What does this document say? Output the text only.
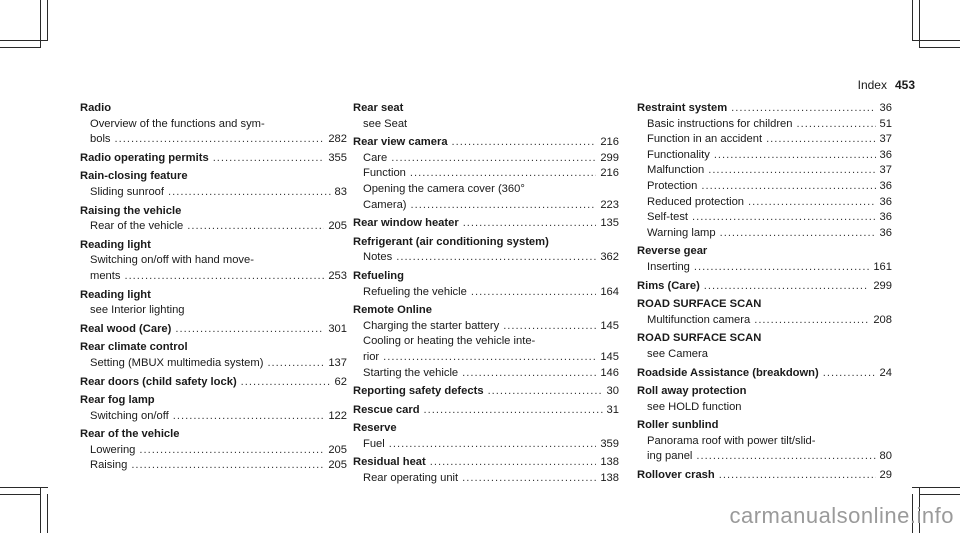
Index 453
Radio
Overview of the functions and sym-
bols .....	282
Radio operating permits .....	355
Rain-closing feature
Sliding sunroof .....	83
Raising the vehicle
Rear of the vehicle .....	205
Reading light
Switching on/off with hand move-
ments .....	253
Reading light
see Interior lighting
Real wood (Care) .....	301
Rear climate control
Setting (MBUX multimedia system) .....	137
Rear doors (child safety lock) .....	62
Rear fog lamp
Switching on/off .....	122
Rear of the vehicle
Lowering .....	205
Raising .....	205
Rear seat
see Seat
Rear view camera .....	216
Care .....	299
Function .....	216
Opening the camera cover (360°
Camera) .....	223
Rear window heater .....	135
Refrigerant (air conditioning system)
Notes .....	362
Refueling
Refueling the vehicle .....	164
Remote Online
Charging the starter battery .....	145
Cooling or heating the vehicle inte-
rior .....	145
Starting the vehicle .....	146
Reporting safety defects .....	30
Rescue card .....	31
Reserve
Fuel .....	359
Residual heat .....	138
Rear operating unit .....	138
Restraint system .....	36
Basic instructions for children .....	51
Function in an accident .....	37
Functionality .....	36
Malfunction .....	37
Protection .....	36
Reduced protection .....	36
Self-test .....	36
Warning lamp .....	36
Reverse gear
Inserting .....	161
Rims (Care) .....	299
ROAD SURFACE SCAN
Multifunction camera .....	208
ROAD SURFACE SCAN
see Camera
Roadside Assistance (breakdown) .....	24
Roll away protection
see HOLD function
Roller sunblind
Panorama roof with power tilt/slid-
ing panel .....	80
Rollover crash .....	29
carmanualsonline.info
